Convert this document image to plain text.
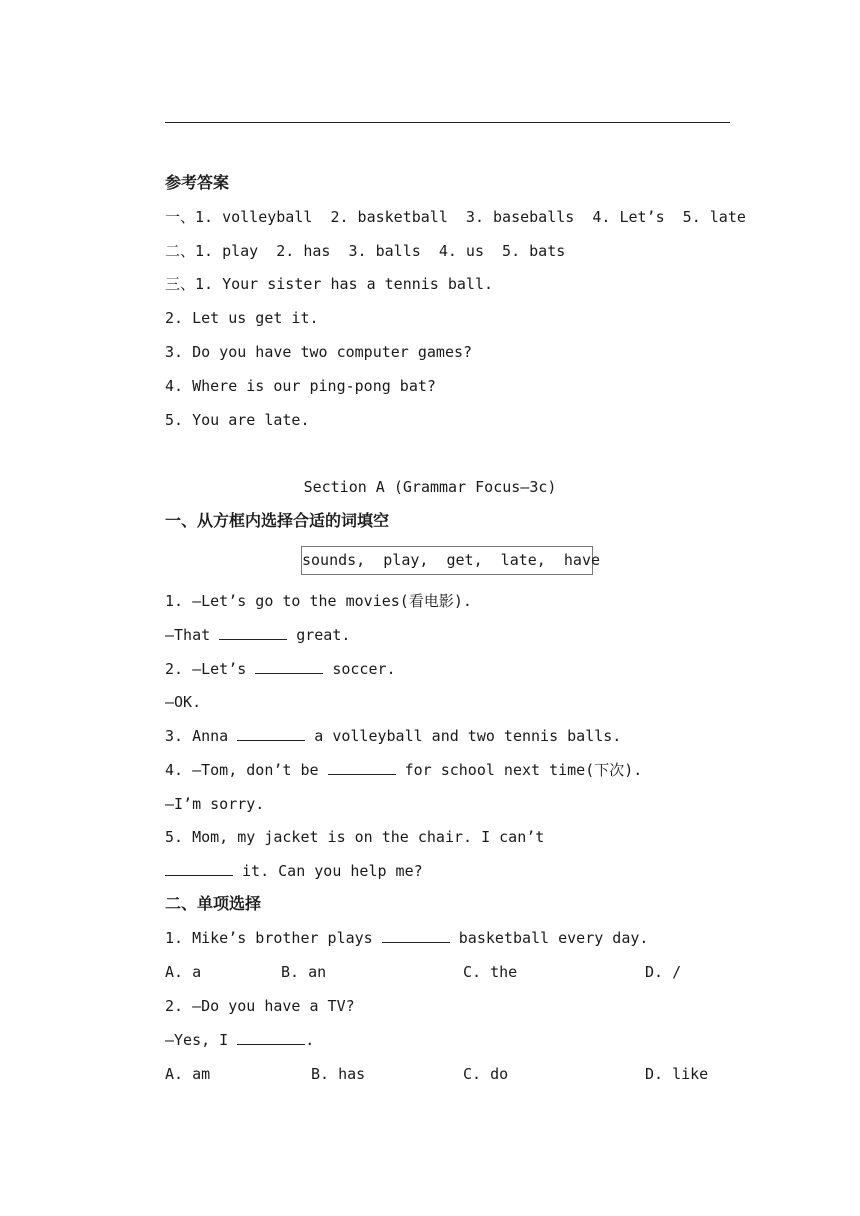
参考答案
一、1. volleyball  2. basketball  3. baseballs  4. Let’s  5. late
二、1. play  2. has  3. balls  4. us  5. bats
三、1. Your sister has a tennis ball.
2. Let us get it.
3. Do you have two computer games?
4. Where is our ping-pong bat?
5. You are late.
Section A (Grammar Focus—3c)
一、从方框内选择合适的词填空
sounds,  play,  get,  late,  have
1. —Let’s go to the movies(看电影).
—That	great.
2. —Let’s	soccer.
—OK.
3. Anna	a volleyball and two tennis balls.
4. —Tom, don’t be	for school next time(下次).
—I’m sorry.
5. Mom, my jacket is on the chair. I can’t
it. Can you help me?
二、单项选择
1. Mike’s brother plays	basketball every day.
A. a	B. an	C. the	D. /
2. —Do you have a TV?
—Yes, I	.
A. am	B. has	C. do	D. like
